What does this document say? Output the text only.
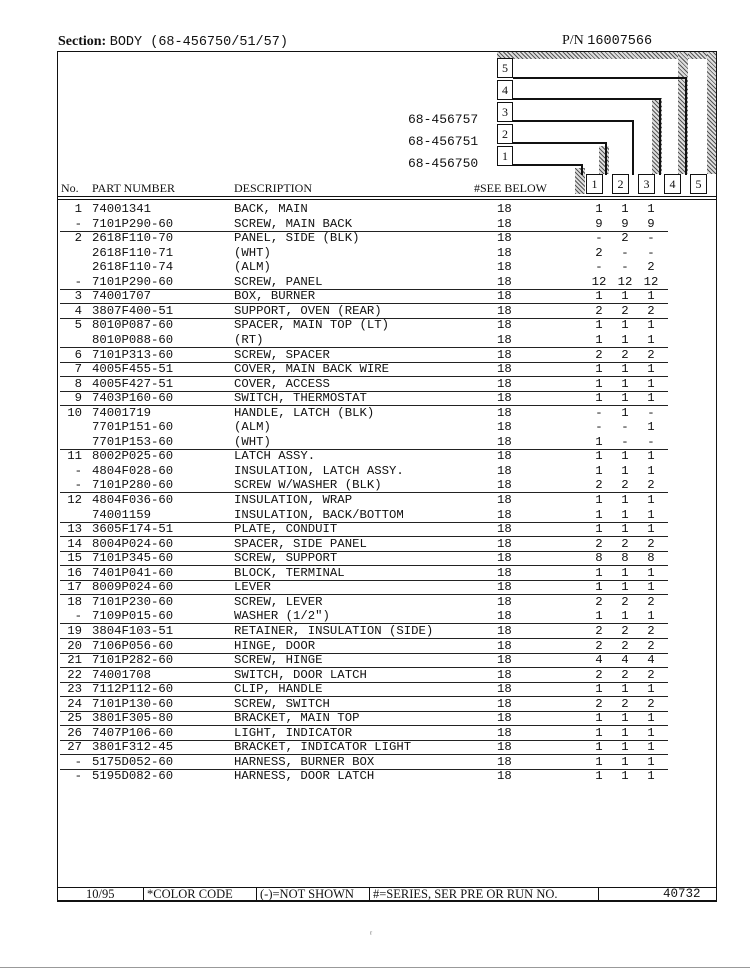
Section: BODY (68-456750/51/57)	P/N 16007566
68-456757
68-456751
68-456750
5
4
3
2
1
1	2	3	4	5
No. PART NUMBER	DESCRIPTION	#SEE BELOW
1 74001341	BACK, MAIN	18	1	1	1
- 7101P290-60	SCREW, MAIN BACK	18	9	9	9
2 2618F110-70	PANEL, SIDE (BLK)	18	-	2	-
2618F110-71	(WHT)	18	2	-	-
2618F110-74	(ALM)	18	-	-	2
- 7101P290-60	SCREW, PANEL	18	12 12 12
3 74001707	BOX, BURNER	18	1	1	1
4 3807F400-51	SUPPORT, OVEN (REAR)	18	2	2	2
5 8010P087-60	SPACER, MAIN TOP (LT)	18	1	1	1
8010P088-60	(RT)	18	1	1	1
6 7101P313-60	SCREW, SPACER	18	2	2	2
7 4005F455-51	COVER, MAIN BACK WIRE	18	1	1	1
8 4005F427-51	COVER, ACCESS	18	1	1	1
9 7403P160-60	SWITCH, THERMOSTAT	18	1	1	1
10 74001719	HANDLE, LATCH (BLK)	18	-	1	-
7701P151-60	(ALM)	18	-	-	1
7701P153-60	(WHT)	18	1	-	-
11 8002P025-60	LATCH ASSY.	18	1	1	1
- 4804F028-60	INSULATION, LATCH ASSY.	18	1	1	1
- 7101P280-60	SCREW W/WASHER (BLK)	18	2	2	2
12 4804F036-60	INSULATION, WRAP	18	1	1	1
74001159	INSULATION, BACK/BOTTOM	18	1	1	1
13 3605F174-51	PLATE, CONDUIT	18	1	1	1
14 8004P024-60	SPACER, SIDE PANEL	18	2	2	2
15 7101P345-60	SCREW, SUPPORT	18	8	8	8
16 7401P041-60	BLOCK, TERMINAL	18	1	1	1
17 8009P024-60	LEVER	18	1	1	1
18 7101P230-60	SCREW, LEVER	18	2	2	2
- 7109P015-60	WASHER (1/2")	18	1	1	1
19 3804F103-51	RETAINER, INSULATION (SIDE)	18	2	2	2
20 7106P056-60	HINGE, DOOR	18	2	2	2
21 7101P282-60	SCREW, HINGE	18	4	4	4
22 74001708	SWITCH, DOOR LATCH	18	2	2	2
23 7112P112-60	CLIP, HANDLE	18	1	1	1
24 7101P130-60	SCREW, SWITCH	18	2	2	2
25 3801F305-80	BRACKET, MAIN TOP	18	1	1	1
26 7407P106-60	LIGHT, INDICATOR	18	1	1	1
27 3801F312-45	BRACKET, INDICATOR LIGHT	18	1	1	1
- 5175D052-60	HARNESS, BURNER BOX	18	1	1	1
- 5195D082-60	HARNESS, DOOR LATCH	18	1	1	1
10/95	*COLOR CODE (-)=NOT SHOWN #=SERIES, SER PRE OR RUN NO.	40732
ʳ
